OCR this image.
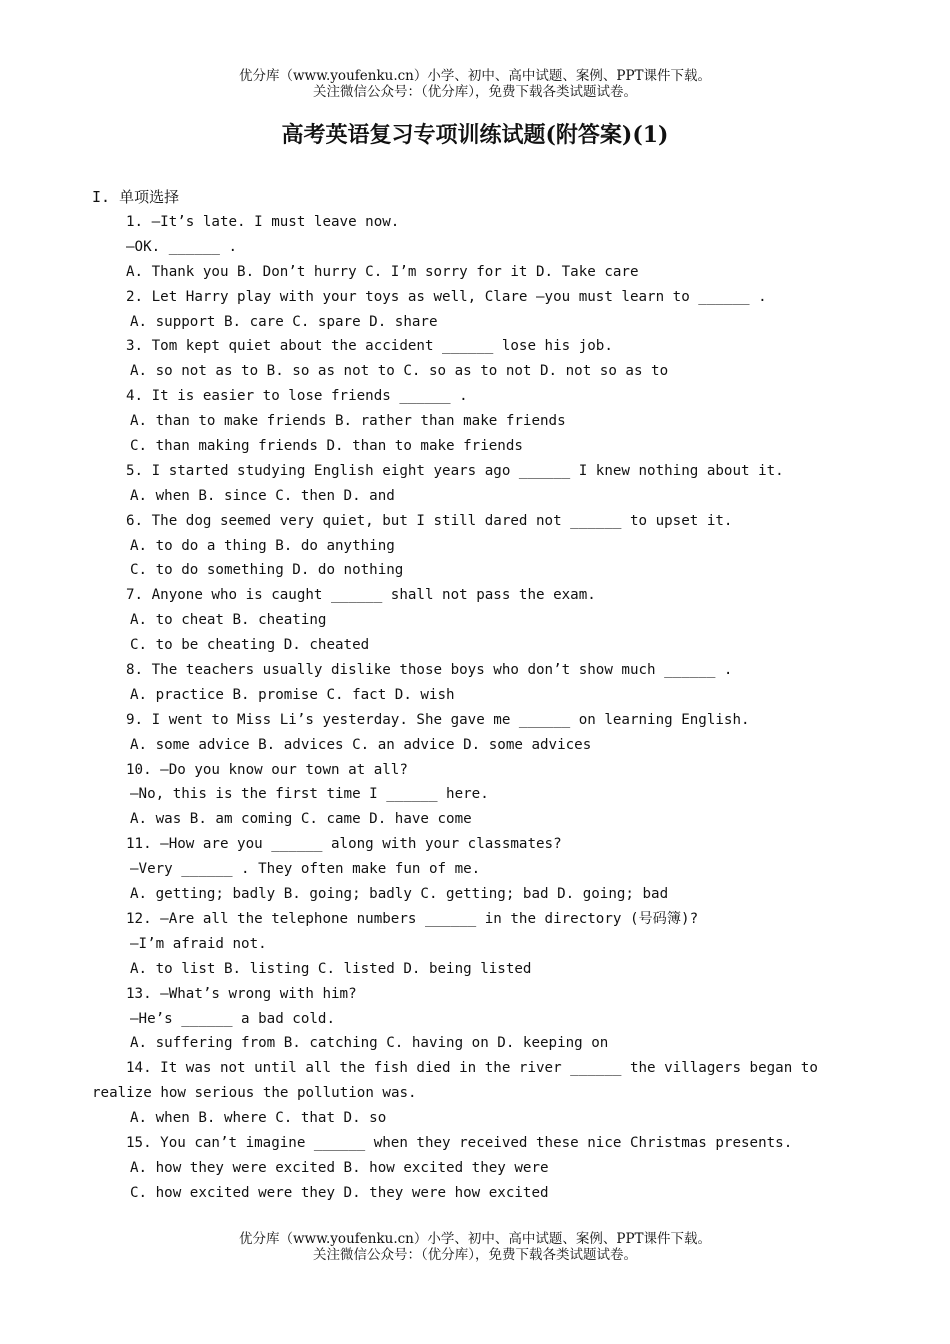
优分库（www.youfenku.cn）小学、初中、高中试题、案例、PPT课件下载。
关注微信公众号：（优分库），免费下载各类试题试卷。
高考英语复习专项训练试题(附答案)(1)
I. 单项选择
1. —It’s late. I must leave now.
—OK. ______ .
A. Thank you B. Don’t hurry C. I’m sorry for it D. Take care
2. Let Harry play with your toys as well, Clare —you must learn to ______ .
A. support B. care C. spare D. share
3. Tom kept quiet about the accident ______ lose his job.
A. so not as to B. so as not to C. so as to not D. not so as to
4. It is easier to lose friends ______ .
A. than to make friends B. rather than make friends
C. than making friends D. than to make friends
5. I started studying English eight years ago ______ I knew nothing about it.
A. when B. since C. then D. and
6. The dog seemed very quiet, but I still dared not ______ to upset it.
A. to do a thing B. do anything
C. to do something D. do nothing
7. Anyone who is caught ______ shall not pass the exam.
A. to cheat B. cheating
C. to be cheating D. cheated
8. The teachers usually dislike those boys who don’t show much ______ .
A. practice B. promise C. fact D. wish
9. I went to Miss Li’s yesterday. She gave me ______ on learning English.
A. some advice B. advices C. an advice D. some advices
10. —Do you know our town at all?
—No, this is the first time I ______ here.
A. was B. am coming C. came D. have come
11. —How are you ______ along with your classmates?
—Very ______ . They often make fun of me.
A. getting; badly B. going; badly C. getting; bad D. going; bad
12. —Are all the telephone numbers ______ in the directory (号码簿)?
—I’m afraid not.
A. to list B. listing C. listed D. being listed
13. —What’s wrong with him?
—He’s ______ a bad cold.
A. suffering from B. catching C. having on D. keeping on
14. It was not until all the fish died in the river ______ the villagers began to
realize how serious the pollution was.
A. when B. where C. that D. so
15. You can’t imagine ______ when they received these nice Christmas presents.
A. how they were excited B. how excited they were
C. how excited were they D. they were how excited
优分库（www.youfenku.cn）小学、初中、高中试题、案例、PPT课件下载。
关注微信公众号：（优分库），免费下载各类试题试卷。
